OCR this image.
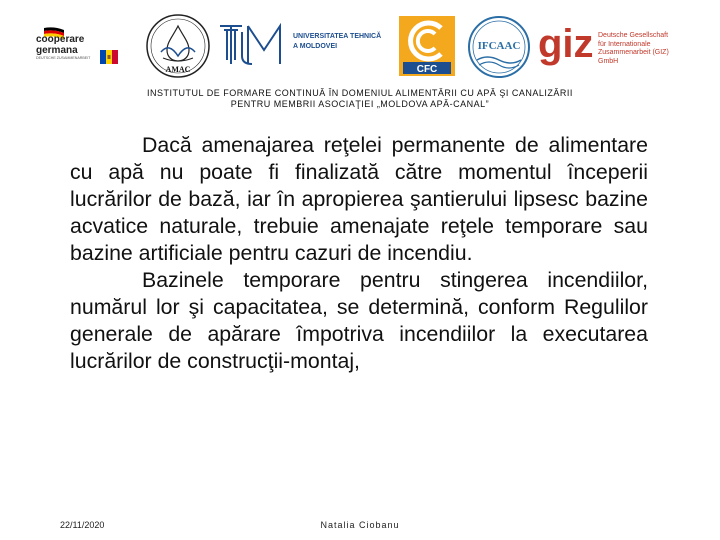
cooperare
germana
DEUTSCHE ZUSAMMENARBEIT
AMAC
UNIVERSITATEA TEHNICĂ
A MOLDOVEI
CFC
IFCAAC giz Deutsche Gesellschaft
für Internationale
Zusammenarbeit (GIZ) GmbH
INSTITUTUL DE FORMARE CONTINUĂ ÎN DOMENIUL ALIMENTĂRII CU APĂ ŞI CANALIZĂRII
PENTRU MEMBRII ASOCIAŢIEI „MOLDOVA APĂ-CANAL”

Dacă amenajarea reţelei permanente de alimentare cu apă nu poate fi finalizată către momentul începerii lucrărilor de bază, iar în apropierea şantierului lipsesc bazine acvatice naturale, trebuie amenajate reţele temporare sau bazine artificiale pentru cazuri de incendiu.

Bazinele temporare pentru stingerea incendiilor, numărul lor şi capacitatea, se determină, conform Regulilor generale de apărare împotriva incendiilor la executarea lucrărilor de construcţii-montaj,

22/11/2020	Natalia Ciobanu
